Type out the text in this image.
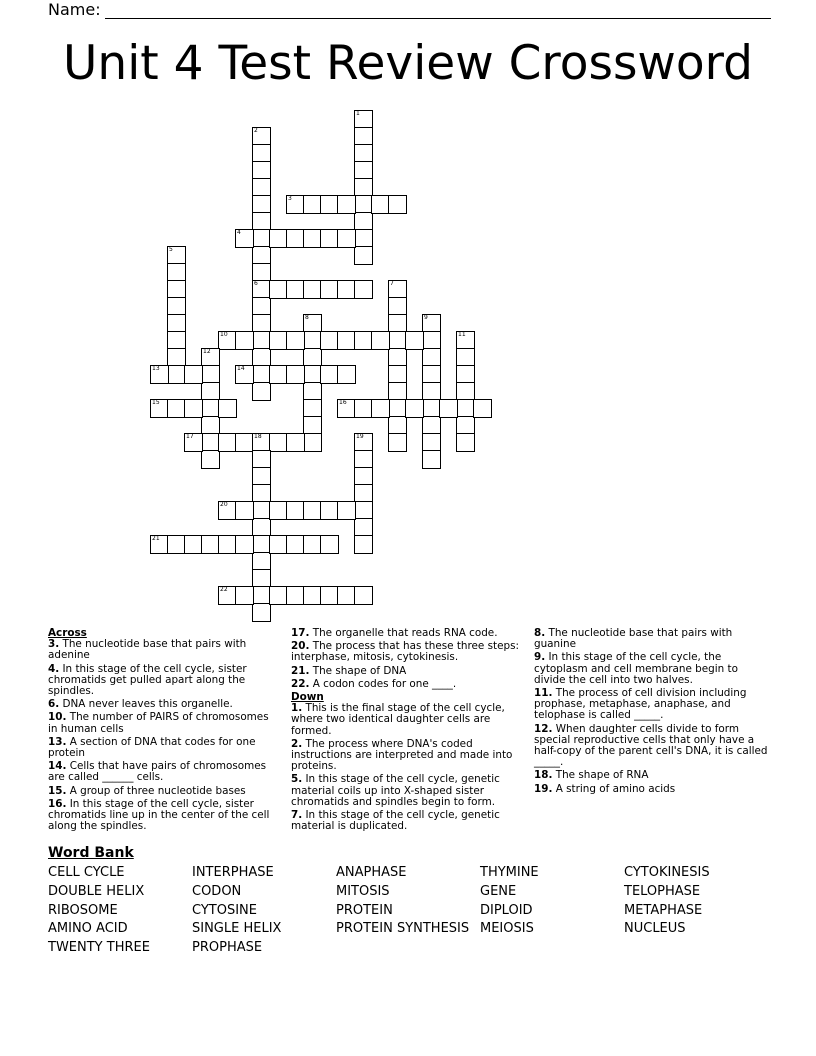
Name:
Unit 4 Test Review Crossword
1
2
6
3
4
5
7
8	9
10	11
12
13	14
15	16
17	18	19
20
21
22
Across
3. The nucleotide base that pairs with adenine
4. In this stage of the cell cycle, sister chromatids get pulled apart along the spindles.
6. DNA never leaves this organelle.
10. The number of PAIRS of chromosomes in human cells
13. A section of DNA that codes for one protein
14. Cells that have pairs of chromosomes are called ______ cells.
15. A group of three nucleotide bases
16. In this stage of the cell cycle, sister chromatids line up in the center of the cell along the spindles.
17. The organelle that reads RNA code.
20. The process that has these three steps: interphase, mitosis, cytokinesis.
21. The shape of DNA
22. A codon codes for one ____.
Down
1. This is the final stage of the cell cycle, where two identical daughter cells are formed.
2. The process where DNA's coded instructions are interpreted and made into proteins.
5. In this stage of the cell cycle, genetic material coils up into X-shaped sister chromatids and spindles begin to form.
7. In this stage of the cell cycle, genetic material is duplicated.
8. The nucleotide base that pairs with guanine
9. In this stage of the cell cycle, the cytoplasm and cell membrane begin to divide the cell into two halves.
11. The process of cell division including prophase, metaphase, anaphase, and telophase is called _____.
12. When daughter cells divide to form special reproductive cells that only have a half-copy of the parent cell's DNA, it is called _____.
18. The shape of RNA
19. A string of amino acids
Word Bank
CELL CYCLE
DOUBLE HELIX
RIBOSOME
AMINO ACID
TWENTY THREE
INTERPHASE
CODON
CYTOSINE
SINGLE HELIX
PROPHASE
ANAPHASE
MITOSIS
PROTEIN
PROTEIN SYNTHESIS
THYMINE
GENE
DIPLOID
MEIOSIS
CYTOKINESIS
TELOPHASE
METAPHASE
NUCLEUS
